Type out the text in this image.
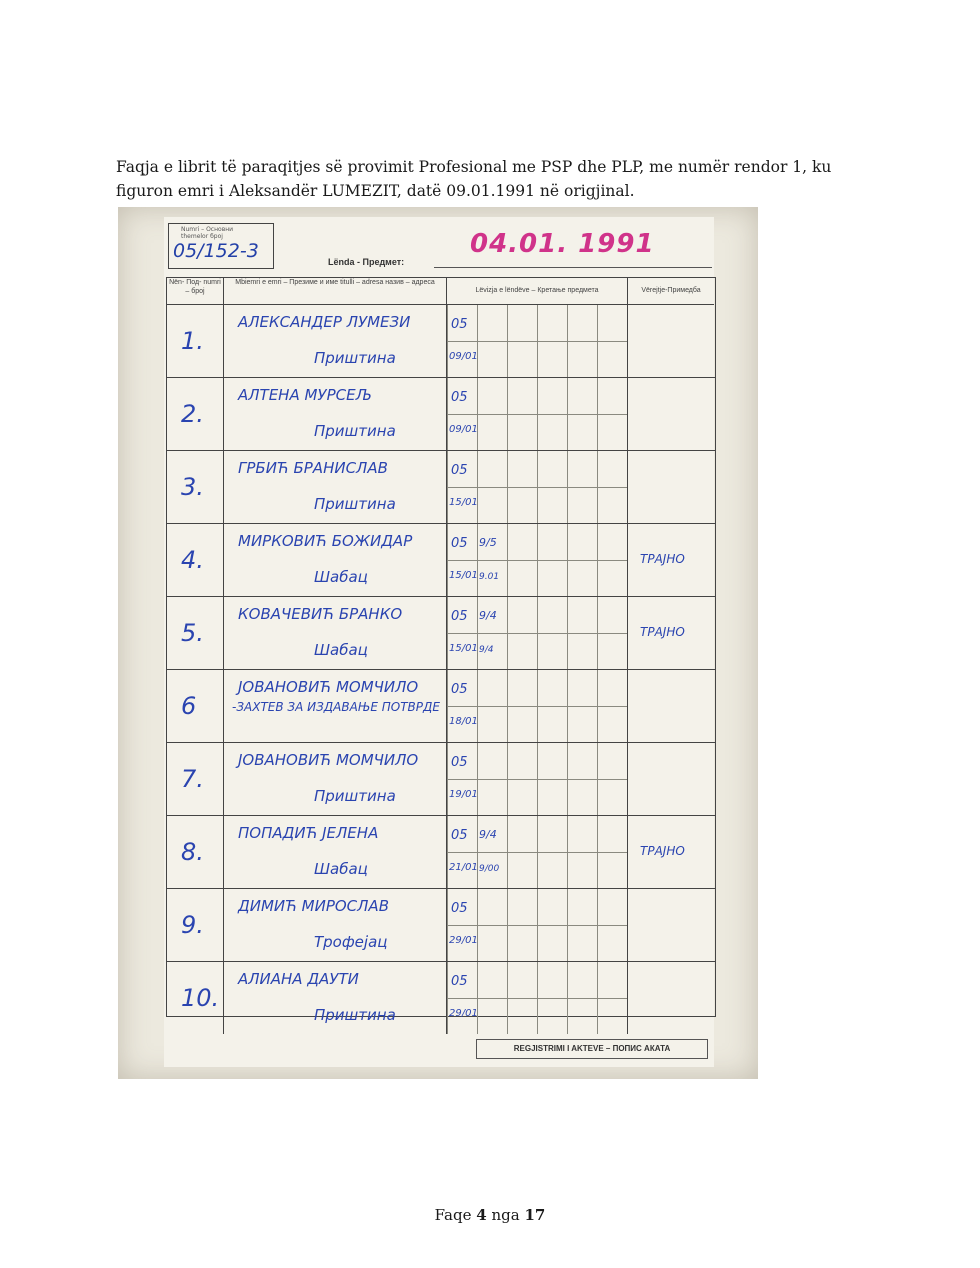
Faqja e librit të paraqitjes së provimit Profesional me PSP dhe PLP, me numër rendor 1, ku

figuron emri i Aleksandër LUMEZIT, datë 09.01.1991 në origjinal.

Numri – Основни themelor број
05/152-3	Lënda - Предмет:
04.01. 1991
Nën- Под- numri – број
Mbiemri e emri – Презиме и име titulli – adresa назив – адреса
Lëvizja e lëndëve – Кретање предмета	Vërejtje-Примедба
1.
АЛЕКСАНДЕР ЛУМЕЗИ
Приштина
05
09/01
2.
АЛТЕНА МУРСЕЉ
Приштина
05
09/01
3.
ГРБИЋ БРАНИСЛАВ
Приштина
05
15/01
4.
МИРКОВИЋ БОЖИДАР
Шабац
05
15/01
9/5
9.01
ТРАЈНО
5.
КОВАЧЕВИЋ БРАНКО
Шабац
05
15/01
9/4
9/4
ТРАЈНО
6
ЈОВАНОВИЋ МОМЧИЛО
-ЗАХТЕВ ЗА ИЗДАВАЊЕ ПОТВРДЕ
05
18/01
7.
ЈОВАНОВИЋ МОМЧИЛО
Приштина
05
19/01
8.
ПОПАДИЋ ЈЕЛЕНА
Шабац
05
21/01
9/4
9/00
ТРАЈНО
9.
ДИМИЋ МИРОСЛАВ
Трофејац
05
29/01
10.
АЛИАНА ДАУТИ
Приштина
05
29/01
REGJISTRIMI I AKTEVE – ПОПИС АКАТА
Faqe 4 nga 17
